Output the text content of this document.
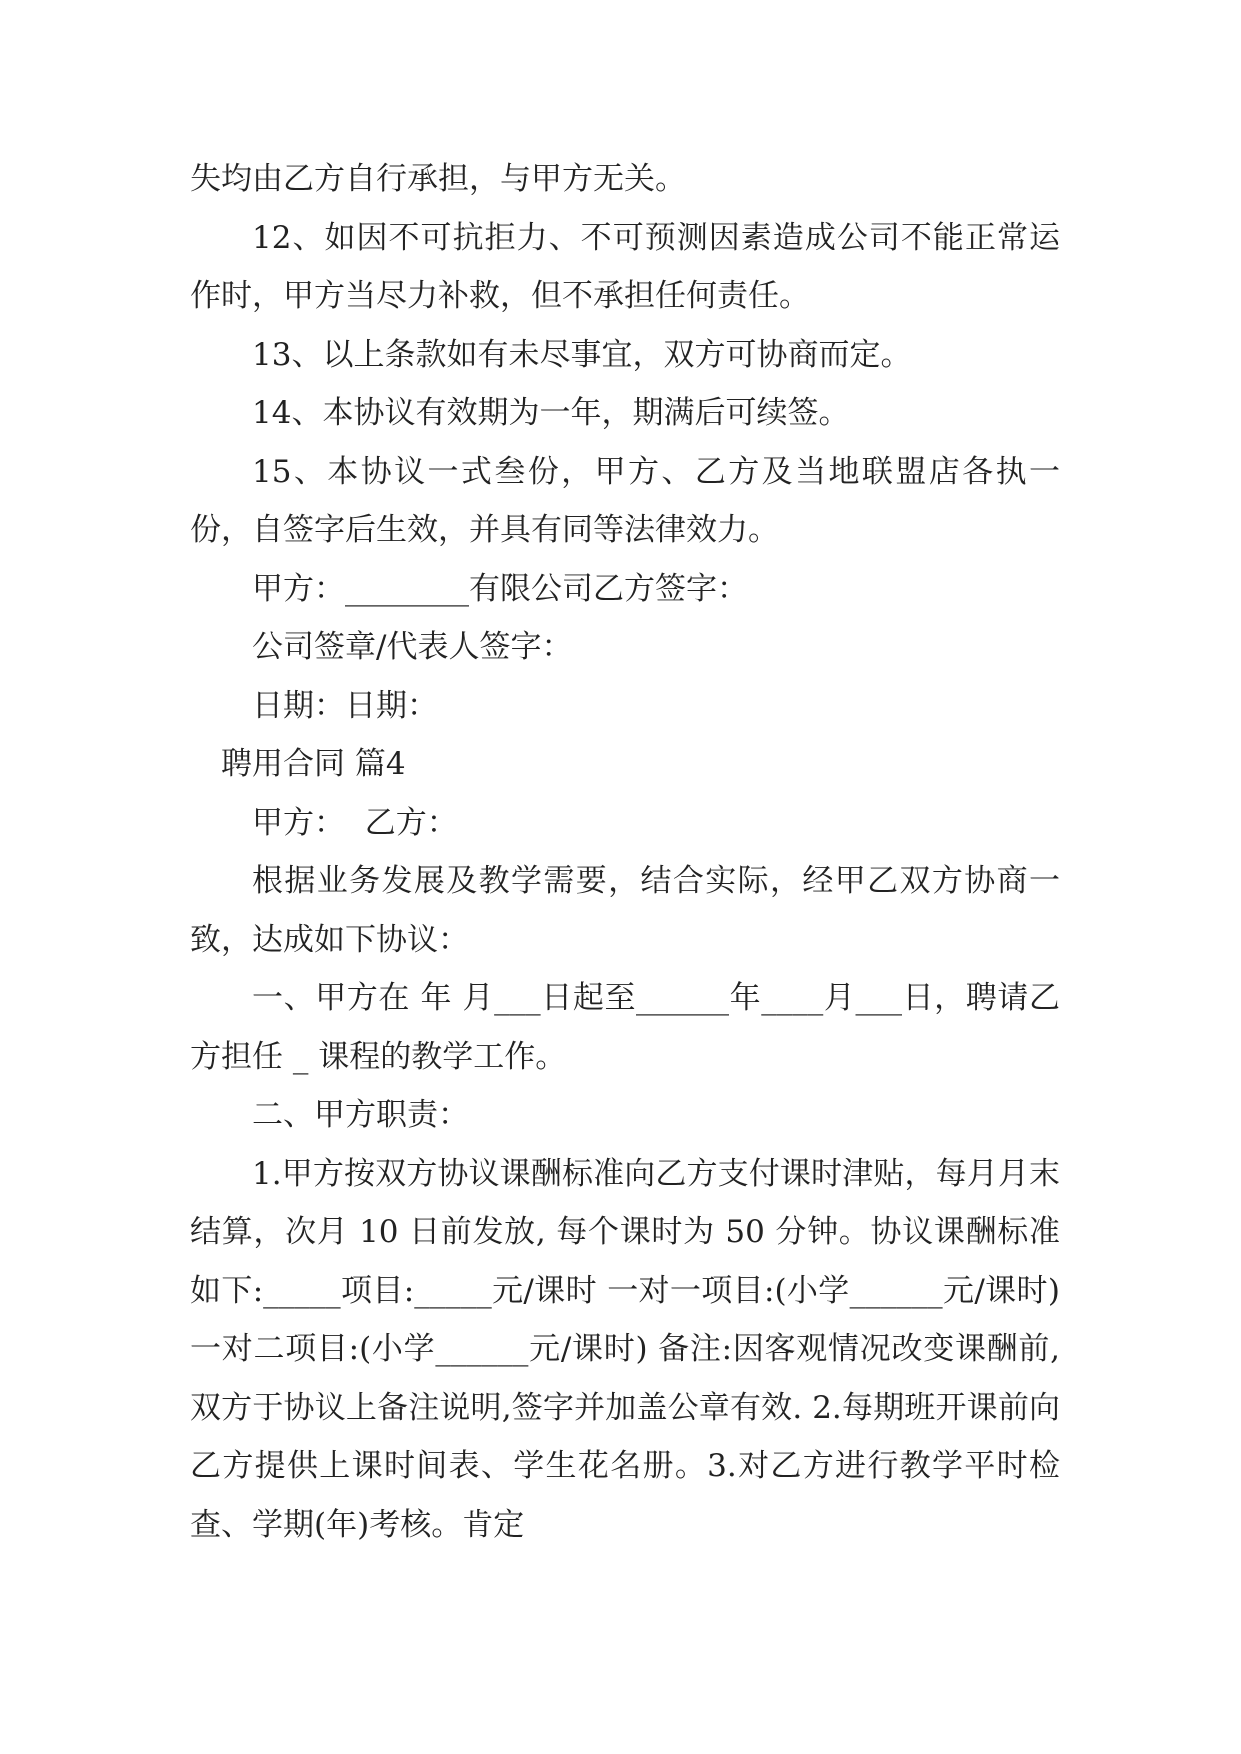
失均由乙方自行承担，与甲方无关。

12、如因不可抗拒力、不可预测因素造成公司不能正常运作时，甲方当尽力补救，但不承担任何责任。

13、以上条款如有未尽事宜，双方可协商而定。

14、本协议有效期为一年，期满后可续签。

15、本协议一式叁份，甲方、乙方及当地联盟店各执一份，自签字后生效，并具有同等法律效力。

甲方：________有限公司乙方签字：

公司签章/代表人签字：

日期：日期：

聘用合同 篇4

甲方：  乙方：

根据业务发展及教学需要，结合实际，经甲乙双方协商一致，达成如下协议：

一、甲方在 年 月___日起至______年____月___日，聘请乙方担任 _ 课程的教学工作。

二、甲方职责：

1.甲方按双方协议课酬标准向乙方支付课时津贴，每月月末结算，次月 10 日前发放, 每个课时为 50 分钟。协议课酬标准如下:_____项目:_____元/课时 一对一项目:(小学______元/课时) 一对二项目:(小学______元/课时) 备注:因客观情况改变课酬前,双方于协议上备注说明,签字并加盖公章有效. 2.每期班开课前向乙方提供上课时间表、学生花名册。3.对乙方进行教学平时检查、学期(年)考核。肯定
